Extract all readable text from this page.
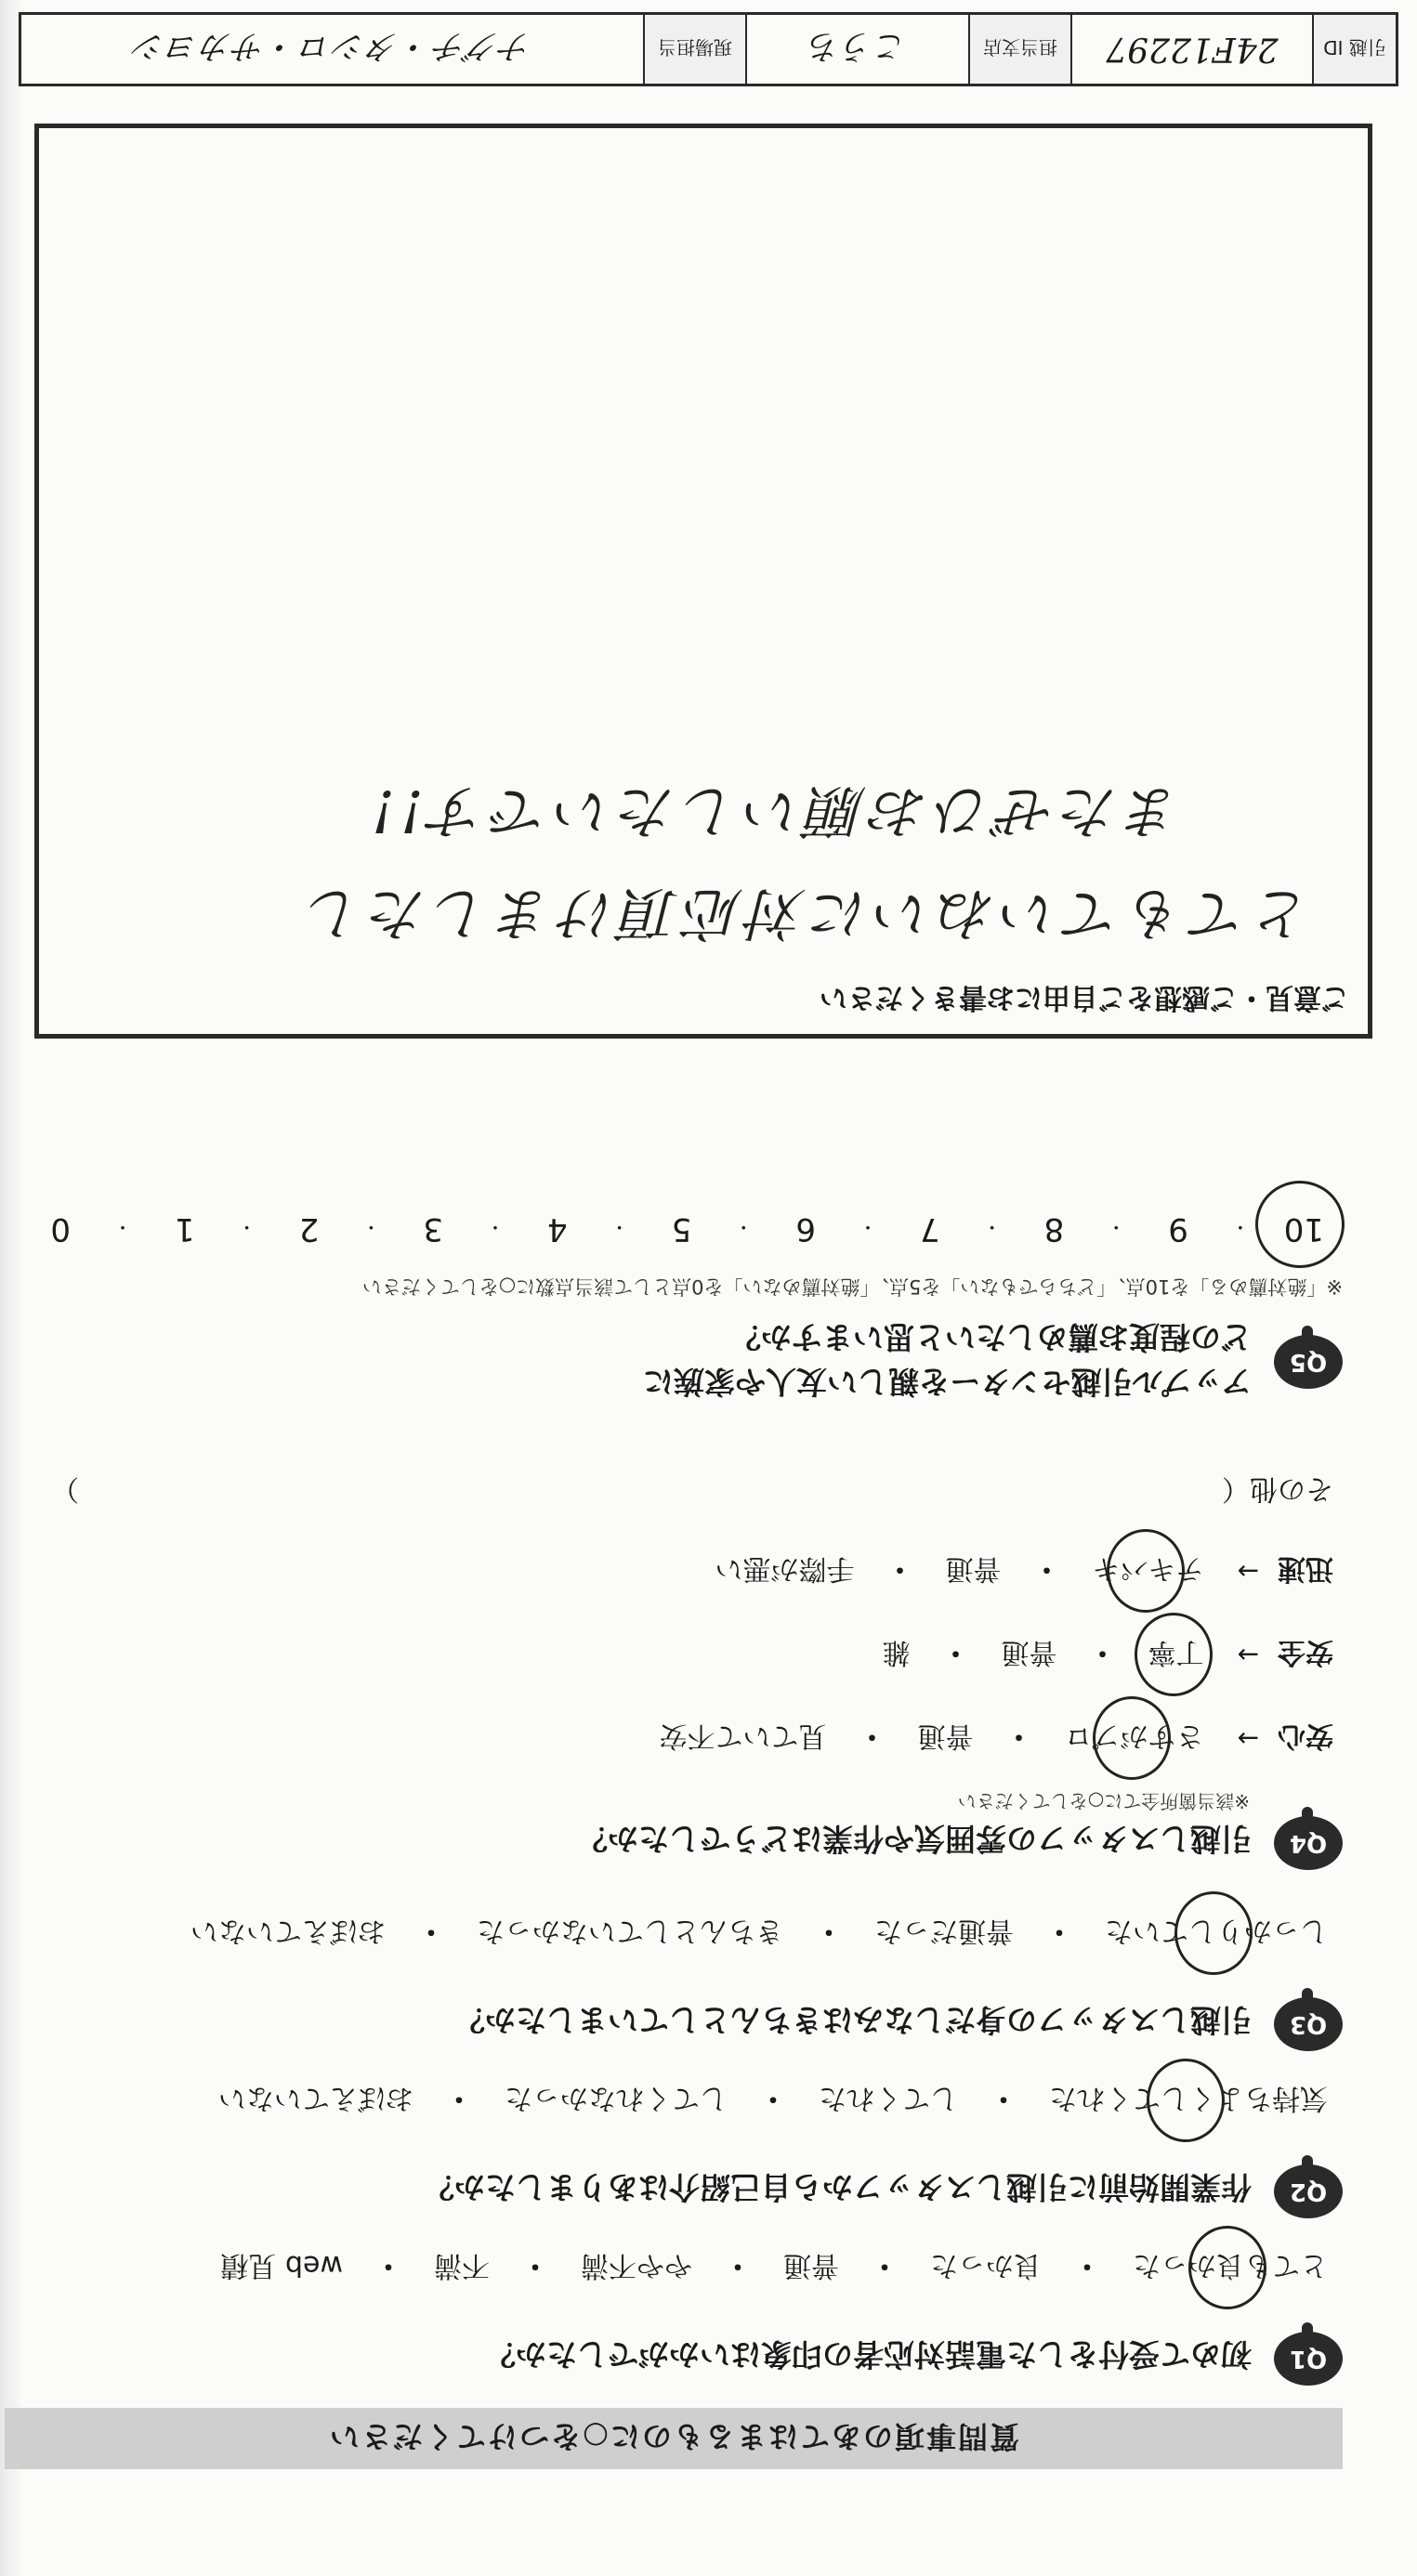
質問事項のあてはまるものに○をつけてください
Q1
初めて受付をした電話対応者の印象はいかがでしたか？
とても良かった
・
良かった
・
普通
・
やや不満
・
不満
・
web 見積
Q2
作業開始前に引越しスタッフから自己紹介はありましたか？
気持ちよくしてくれた
・
してくれた
・
してくれなかった
・
おぼえていない
Q3
引越しスタッフの身だしなみはきちんとしていましたか？
しっかりしていた
・
普通だった
・
きちんとしていなかった
・
おぼえていない
Q4
引越しスタッフの雰囲気や作業はどうでしたか？
※該当箇所全てに○をしてください
安心
→
さすがプロ
・
普通
・
見ていて不安
安全
→
丁寧
・
普通
・
雑
迅速
→
テキパキ
・
普通
・
手際が悪い
その他（
）
Q5
アップル引越センターを親しい友人や家族に
どの程度お薦めしたいと思いますか？
※「絶対薦める」を10点、「どちらでもない」を5点、「絶対薦めない」を0点として該当点数に○をしてください
10
・
9
・
8
・
7
・
6
・
5
・
4
・
3
・
2
・
1
・
0
ご意見・ご感想をご自由にお書きください
とてもていねいに対応頂けましたし
またぜひお願いしたいです!!
引越 ID
24F12297
担当支店
こうち
現場担当
ナグチ・タシロ・サカヨシ
